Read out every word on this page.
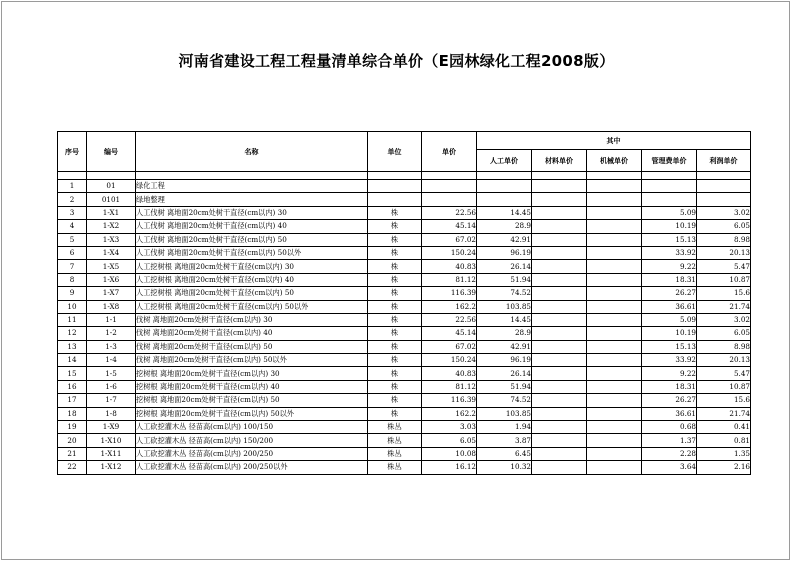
河南省建设工程工程量清单综合单价（E园林绿化工程2008版）
序号	编号	名称	单位	单价	其中				
					人工单价	材料单价	机械单价	管理费单价	利润单价

1	01	绿化工程							
2	0101	绿地整理							
3	1-X1	人工伐树 离地面20cm处树干直径(cm以内) 30	株	22.56	14.45			5.09	3.02
4	1-X2	人工伐树 离地面20cm处树干直径(cm以内) 40	株	45.14	28.9			10.19	6.05
5	1-X3	人工伐树 离地面20cm处树干直径(cm以内) 50	株	67.02	42.91			15.13	8.98
6	1-X4	人工伐树 离地面20cm处树干直径(cm以内) 50以外	株	150.24	96.19			33.92	20.13
7	1-X5	人工挖树根 离地面20cm处树干直径(cm以内) 30	株	40.83	26.14			9.22	5.47
8	1-X6	人工挖树根 离地面20cm处树干直径(cm以内) 40	株	81.12	51.94			18.31	10.87
9	1-X7	人工挖树根 离地面20cm处树干直径(cm以内) 50	株	116.39	74.52			26.27	15.6
10	1-X8	人工挖树根 离地面20cm处树干直径(cm以内) 50以外	株	162.2	103.85			36.61	21.74
11	1-1	伐树 离地面20cm处树干直径(cm以内) 30	株	22.56	14.45			5.09	3.02
12	1-2	伐树 离地面20cm处树干直径(cm以内) 40	株	45.14	28.9			10.19	6.05
13	1-3	伐树 离地面20cm处树干直径(cm以内) 50	株	67.02	42.91			15.13	8.98
14	1-4	伐树 离地面20cm处树干直径(cm以内) 50以外	株	150.24	96.19			33.92	20.13
15	1-5	挖树根 离地面20cm处树干直径(cm以内) 30	株	40.83	26.14			9.22	5.47
16	1-6	挖树根 离地面20cm处树干直径(cm以内) 40	株	81.12	51.94			18.31	10.87
17	1-7	挖树根 离地面20cm处树干直径(cm以内) 50	株	116.39	74.52			26.27	15.6
18	1-8	挖树根 离地面20cm处树干直径(cm以内) 50以外	株	162.2	103.85			36.61	21.74
19	1-X9	人工砍挖灌木丛 径苗高(cm以内) 100/150	株丛	3.03	1.94			0.68	0.41
20	1-X10	人工砍挖灌木丛 径苗高(cm以内) 150/200	株丛	6.05	3.87			1.37	0.81
21	1-X11	人工砍挖灌木丛 径苗高(cm以内) 200/250	株丛	10.08	6.45			2.28	1.35
22	1-X12	人工砍挖灌木丛 径苗高(cm以内) 200/250以外	株丛	16.12	10.32			3.64	2.16
